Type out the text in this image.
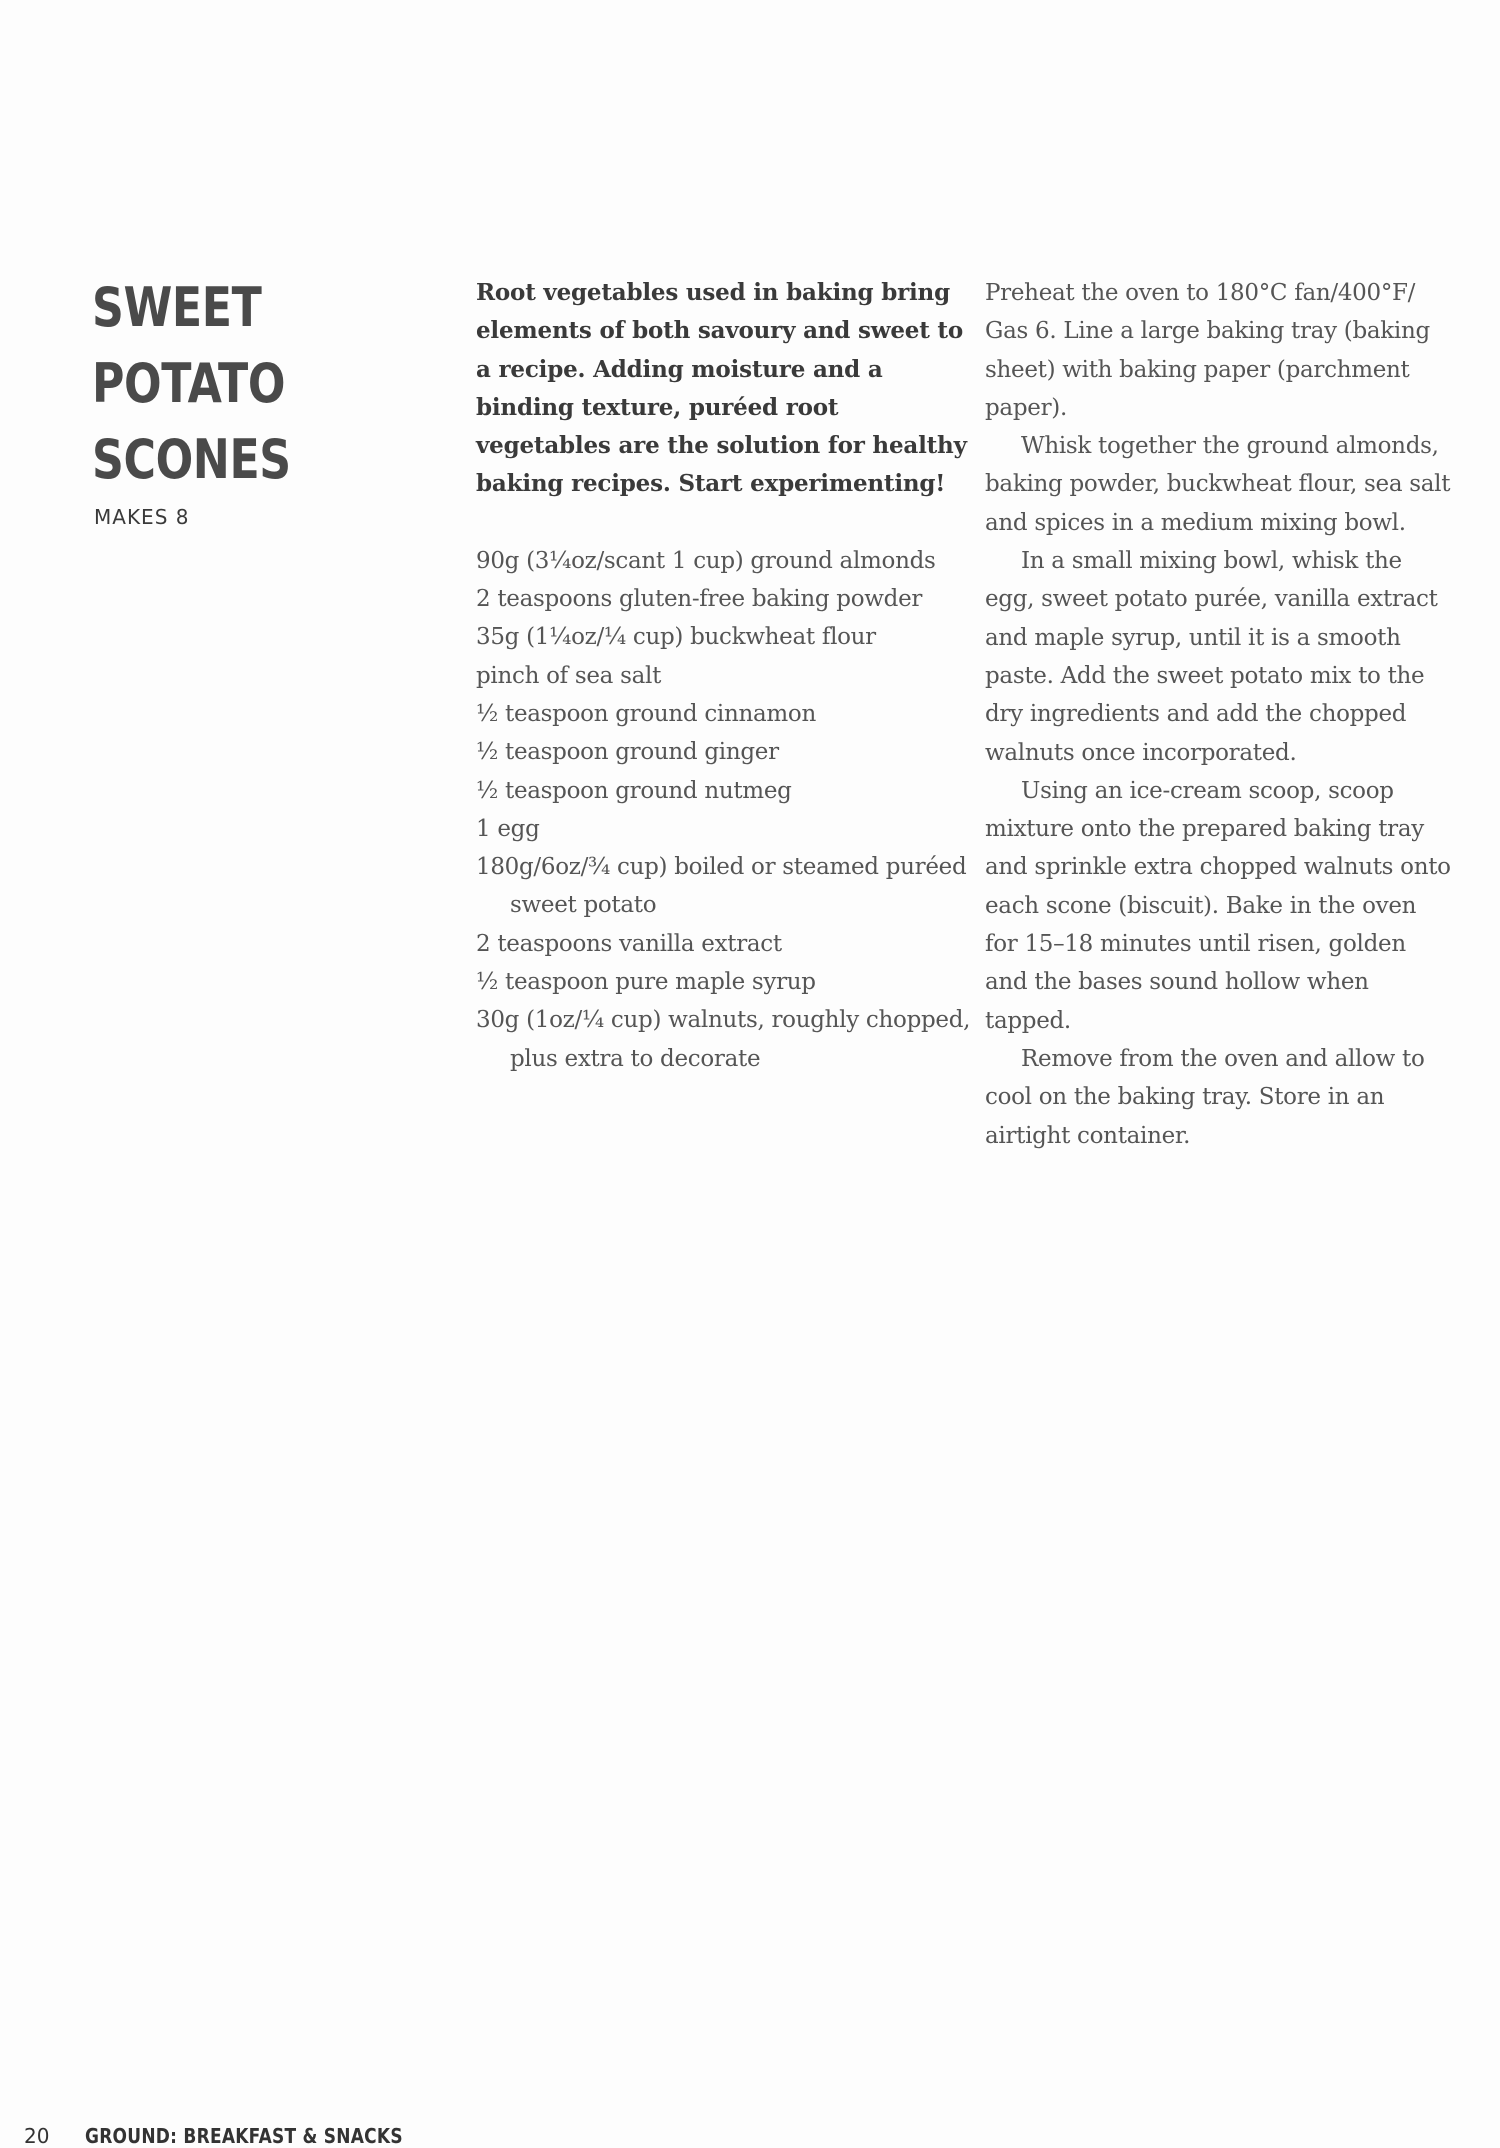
SWEET
POTATO
SCONES
MAKES 8

Root vegetables used in baking bring elements of both savoury and sweet to a recipe. Adding moisture and a binding texture, puréed root vegetables are the solution for healthy baking recipes. Start experimenting!

90g (3¼oz/scant 1 cup) ground almonds
2 teaspoons gluten-free baking powder
35g (1¼oz/¼ cup) buckwheat flour
pinch of sea salt
½ teaspoon ground cinnamon
½ teaspoon ground ginger
½ teaspoon ground nutmeg
1 egg
180g/6oz/¾ cup) boiled or steamed puréed sweet potato
2 teaspoons vanilla extract
½ teaspoon pure maple syrup
30g (1oz/¼ cup) walnuts, roughly chopped, plus extra to decorate

Preheat the oven to 180°C fan/400°F/ Gas 6. Line a large baking tray (baking sheet) with baking paper (parchment paper).

Whisk together the ground almonds, baking powder, buckwheat flour, sea salt and spices in a medium mixing bowl.

In a small mixing bowl, whisk the egg, sweet potato purée, vanilla extract and maple syrup, until it is a smooth paste. Add the sweet potato mix to the dry ingredients and add the chopped walnuts once incorporated.

Using an ice-cream scoop, scoop mixture onto the prepared baking tray and sprinkle extra chopped walnuts onto each scone (biscuit). Bake in the oven for 15–18 minutes until risen, golden and the bases sound hollow when tapped.

Remove from the oven and allow to cool on the baking tray. Store in an airtight container.

20 GROUND: BREAKFAST & SNACKS
